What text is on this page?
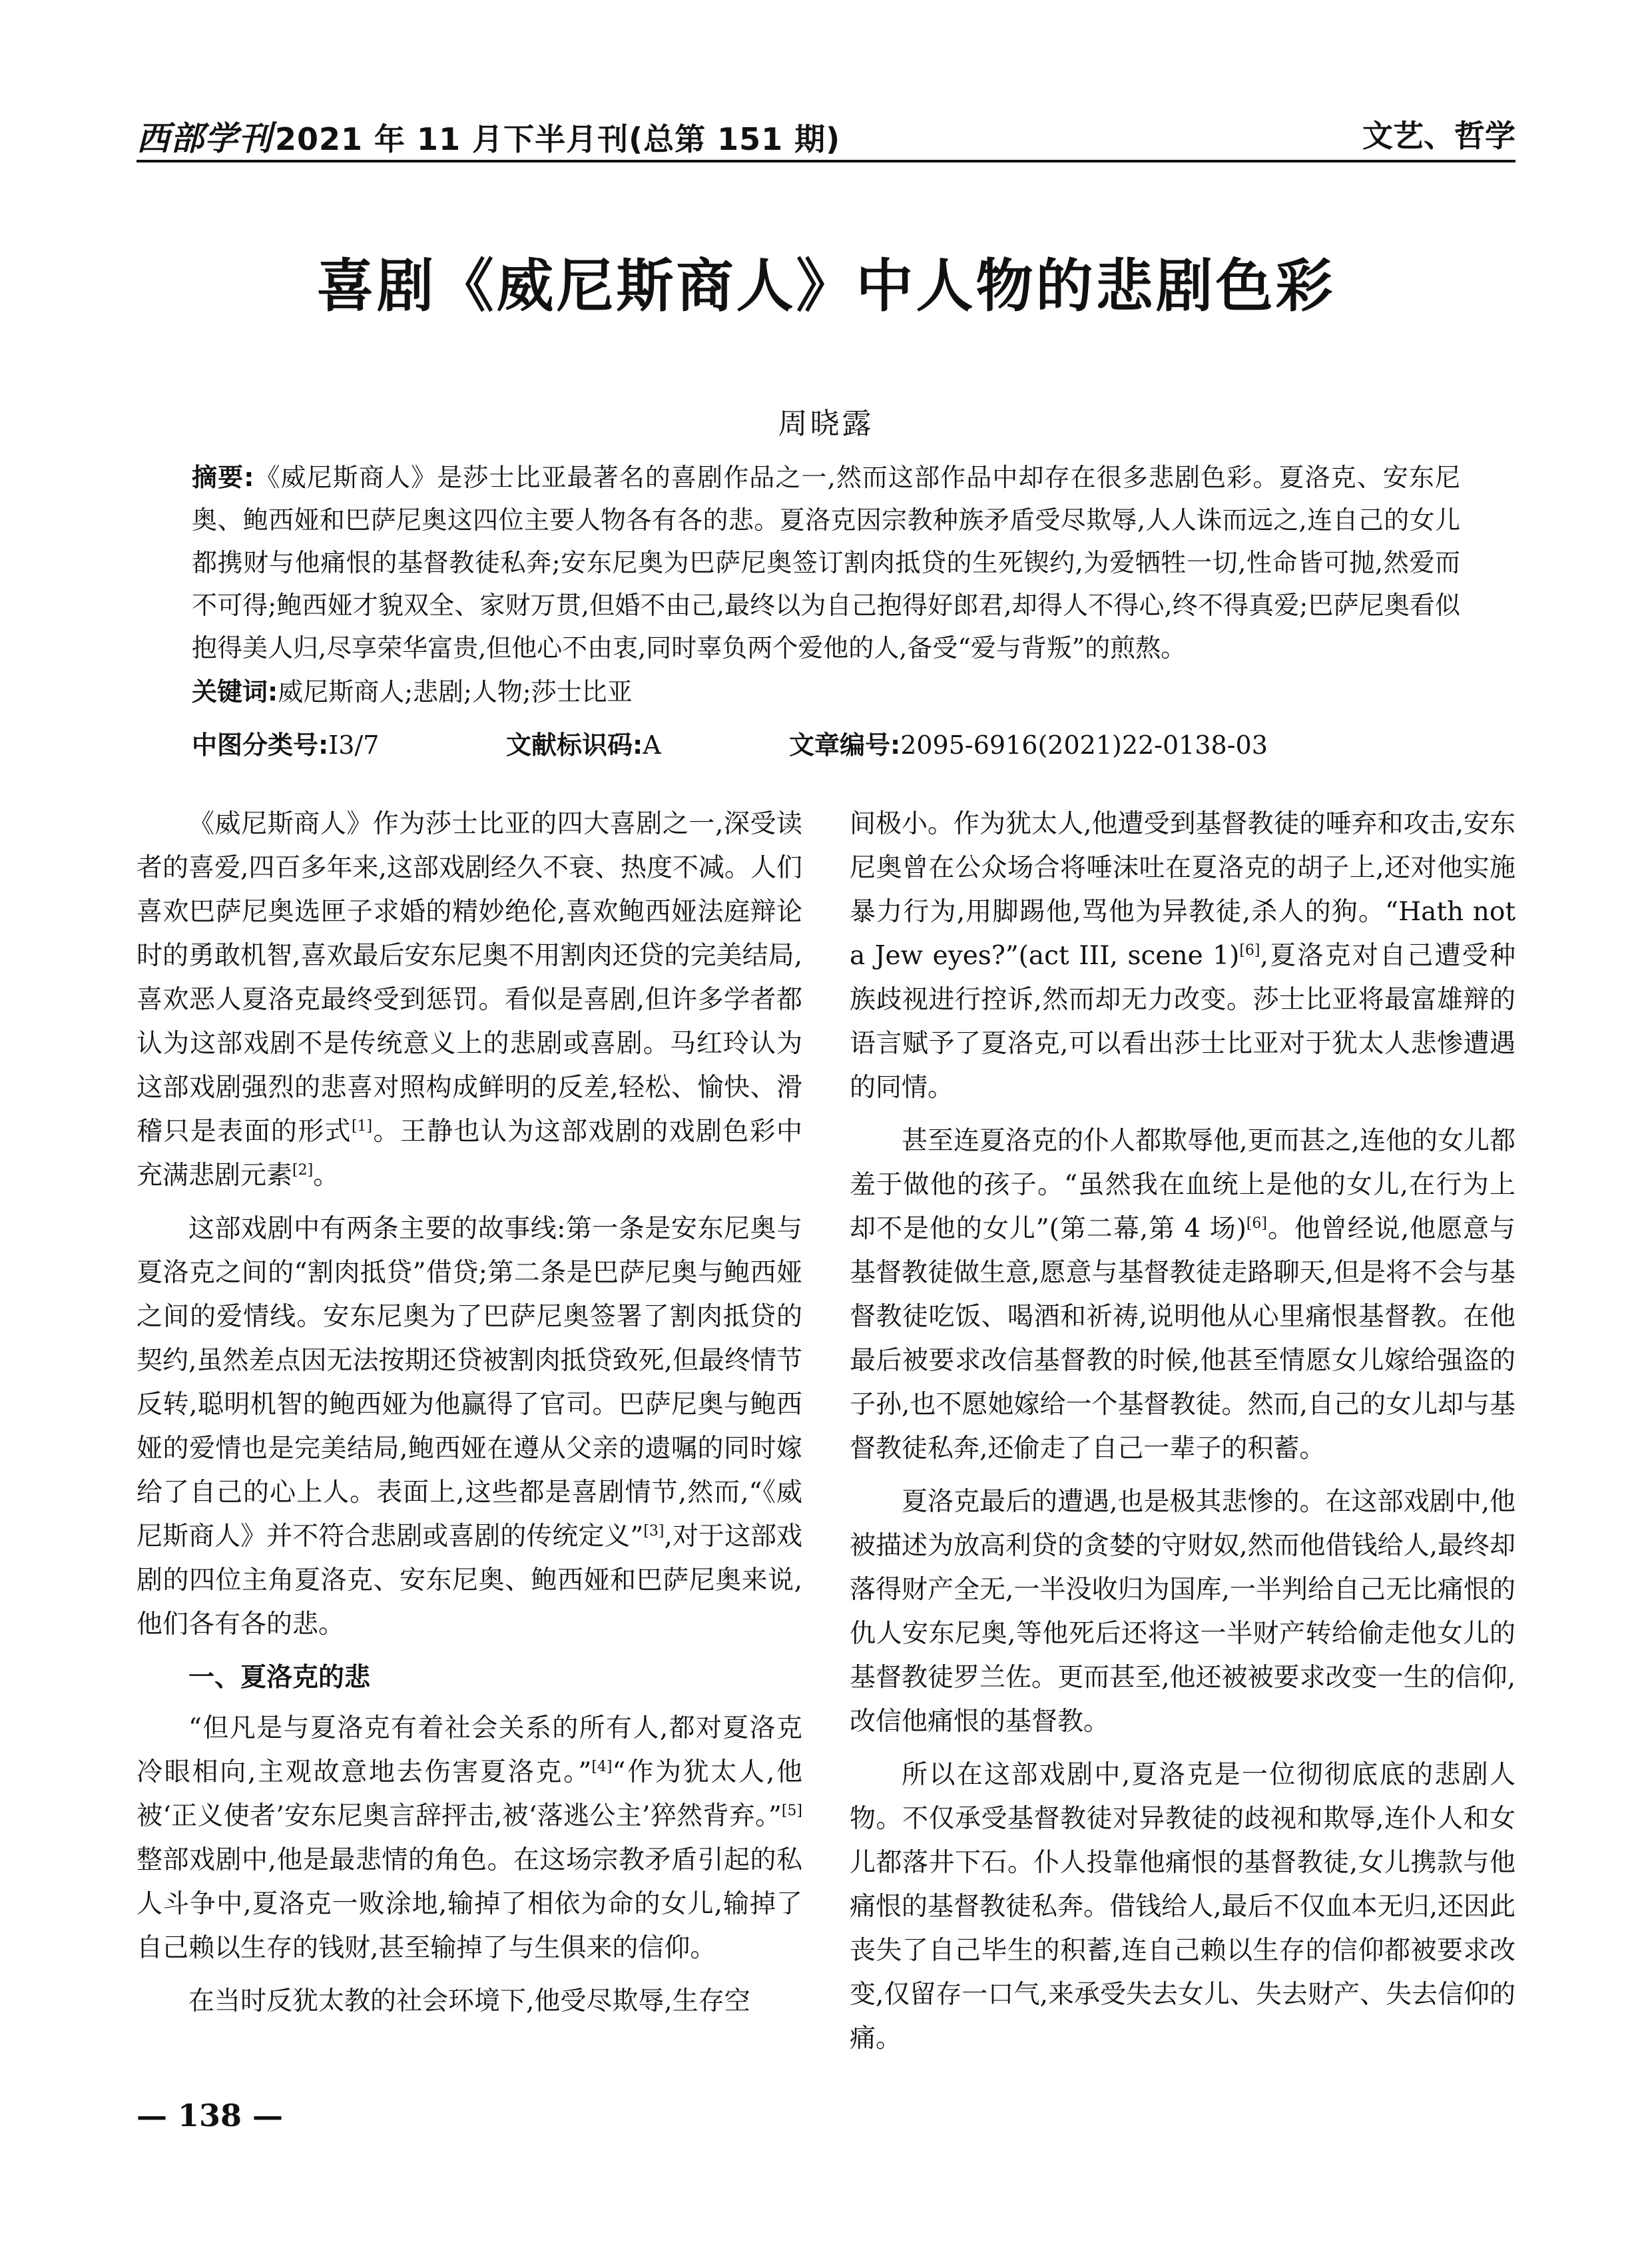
西部学刊2021 年 11 月下半月刊(总第 151 期)	文艺、哲学
喜剧《威尼斯商人》中人物的悲剧色彩
周晓露
摘要:《威尼斯商人》是莎士比亚最著名的喜剧作品之一,然而这部作品中却存在很多悲剧色彩。夏洛克、安东尼奥、鲍西娅和巴萨尼奥这四位主要人物各有各的悲。夏洛克因宗教种族矛盾受尽欺辱,人人诛而远之,连自己的女儿都携财与他痛恨的基督教徒私奔;安东尼奥为巴萨尼奥签订割肉抵贷的生死锲约,为爱牺牲一切,性命皆可抛,然爱而不可得;鲍西娅才貌双全、家财万贯,但婚不由己,最终以为自己抱得好郎君,却得人不得心,终不得真爱;巴萨尼奥看似抱得美人归,尽享荣华富贵,但他心不由衷,同时辜负两个爱他的人,备受“爱与背叛”的煎熬。
关键词:威尼斯商人;悲剧;人物;莎士比亚
中图分类号:I3/7	文献标识码:A	文章编号:2095-6916(2021)22-0138-03

《威尼斯商人》作为莎士比亚的四大喜剧之一,深受读者的喜爱,四百多年来,这部戏剧经久不衰、热度不减。人们喜欢巴萨尼奥选匣子求婚的精妙绝伦,喜欢鲍西娅法庭辩论时的勇敢机智,喜欢最后安东尼奥不用割肉还贷的完美结局,喜欢恶人夏洛克最终受到惩罚。看似是喜剧,但许多学者都认为这部戏剧不是传统意义上的悲剧或喜剧。马红玲认为这部戏剧强烈的悲喜对照构成鲜明的反差,轻松、愉快、滑稽只是表面的形式[1]。王静也认为这部戏剧的戏剧色彩中充满悲剧元素[2]。

这部戏剧中有两条主要的故事线:第一条是安东尼奥与夏洛克之间的“割肉抵贷”借贷;第二条是巴萨尼奥与鲍西娅之间的爱情线。安东尼奥为了巴萨尼奥签署了割肉抵贷的契约,虽然差点因无法按期还贷被割肉抵贷致死,但最终情节反转,聪明机智的鲍西娅为他赢得了官司。巴萨尼奥与鲍西娅的爱情也是完美结局,鲍西娅在遵从父亲的遗嘱的同时嫁给了自己的心上人。表面上,这些都是喜剧情节,然而,“《威尼斯商人》并不符合悲剧或喜剧的传统定义”[3],对于这部戏剧的四位主角夏洛克、安东尼奥、鲍西娅和巴萨尼奥来说,他们各有各的悲。

一、夏洛克的悲

“但凡是与夏洛克有着社会关系的所有人,都对夏洛克冷眼相向,主观故意地去伤害夏洛克。”[4]“作为犹太人,他被‘正义使者’安东尼奥言辞抨击,被‘落逃公主’猝然背弃。”[5]整部戏剧中,他是最悲情的角色。在这场宗教矛盾引起的私人斗争中,夏洛克一败涂地,输掉了相依为命的女儿,输掉了自己赖以生存的钱财,甚至输掉了与生俱来的信仰。

在当时反犹太教的社会环境下,他受尽欺辱,生存空

间极小。作为犹太人,他遭受到基督教徒的唾弃和攻击,安东尼奥曾在公众场合将唾沫吐在夏洛克的胡子上,还对他实施暴力行为,用脚踢他,骂他为异教徒,杀人的狗。“Hath not a Jew eyes?”(act III, scene 1)[6],夏洛克对自己遭受种族歧视进行控诉,然而却无力改变。莎士比亚将最富雄辩的语言赋予了夏洛克,可以看出莎士比亚对于犹太人悲惨遭遇的同情。

甚至连夏洛克的仆人都欺辱他,更而甚之,连他的女儿都羞于做他的孩子。“虽然我在血统上是他的女儿,在行为上却不是他的女儿”(第二幕,第 4 场)[6]。他曾经说,他愿意与基督教徒做生意,愿意与基督教徒走路聊天,但是将不会与基督教徒吃饭、喝酒和祈祷,说明他从心里痛恨基督教。在他最后被要求改信基督教的时候,他甚至情愿女儿嫁给强盗的子孙,也不愿她嫁给一个基督教徒。然而,自己的女儿却与基督教徒私奔,还偷走了自己一辈子的积蓄。

夏洛克最后的遭遇,也是极其悲惨的。在这部戏剧中,他被描述为放高利贷的贪婪的守财奴,然而他借钱给人,最终却落得财产全无,一半没收归为国库,一半判给自己无比痛恨的仇人安东尼奥,等他死后还将这一半财产转给偷走他女儿的基督教徒罗兰佐。更而甚至,他还被被要求改变一生的信仰,改信他痛恨的基督教。

所以在这部戏剧中,夏洛克是一位彻彻底底的悲剧人物。不仅承受基督教徒对异教徒的歧视和欺辱,连仆人和女儿都落井下石。仆人投靠他痛恨的基督教徒,女儿携款与他痛恨的基督教徒私奔。借钱给人,最后不仅血本无归,还因此丧失了自己毕生的积蓄,连自己赖以生存的信仰都被要求改变,仅留存一口气,来承受失去女儿、失去财产、失去信仰的痛。

— 138 —
